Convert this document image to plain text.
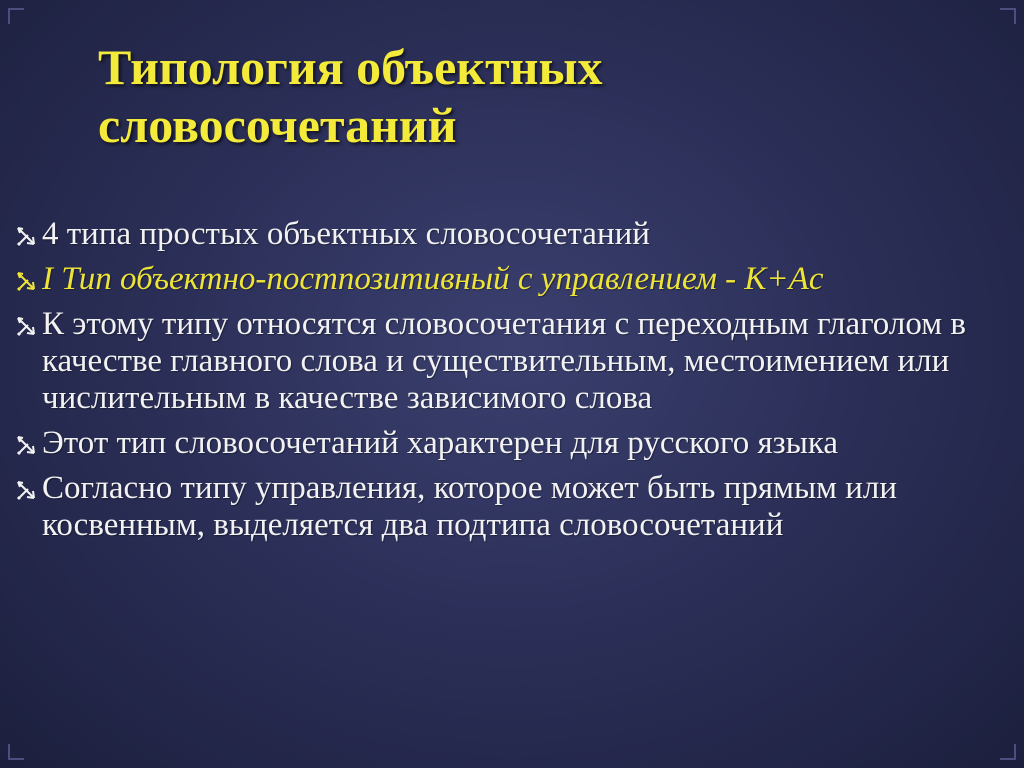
Типология объектных
словосочетаний
4 типа простых объектных словосочетаний
I Тип объектно-постпозитивный с управлением - K+Ac
К этому типу относятся словосочетания с переходным глаголом в качестве главного слова и существительным, местоимением или числительным в качестве зависимого слова
Этот тип словосочетаний характерен для русского языка
Согласно типу управления, которое может быть прямым или косвенным, выделяется два подтипа словосочетаний
